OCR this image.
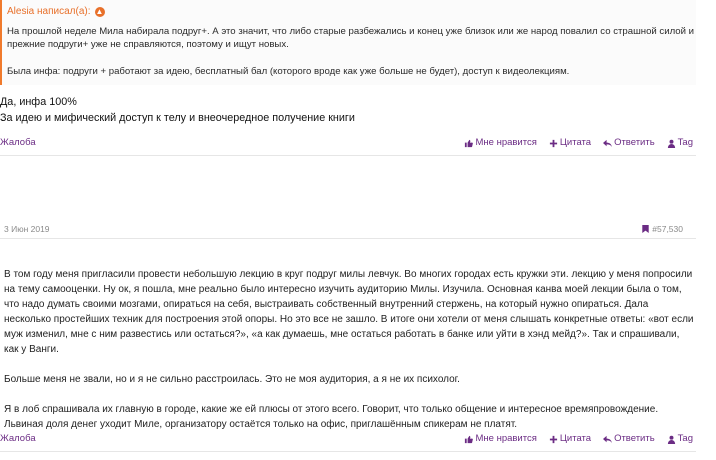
Alesia написал(а): ▲

На прошлой неделе Мила набирала подруг+. А это значит, что либо старые разбежались и конец уже близок или же народ повалил со страшной силой и прежние подруги+ уже не справляются, поэтому и ищут новых.

Была инфа: подруги + работают за идею, бесплатный бал (которого вроде как уже больше не будет), доступ к видеолекциям.

Да, инфа 100%
За идею и мифический доступ к телу и внеочередное получение книги
Жалоба	Мне нравится Цитата Ответить Tag
3 Июн 2019	#57,530

В том году меня пригласили провести небольшую лекцию в круг подруг милы левчук. Во многих городах есть кружки эти. лекцию у меня попросили на тему самооценки. Ну ок, я пошла, мне реально было интересно изучить аудиторию Милы. Изучила. Основная канва моей лекции была о том, что надо думать своими мозгами, опираться на себя, выстраивать собственный внутренний стержень, на который нужно опираться. Дала несколько простейших техник для построения этой опоры. Но это все не зашло. В итоге они хотели от меня слышать конкретные ответы: «вот если муж изменил, мне с ним развестись или остаться?», «а как думаешь, мне остаться работать в банке или уйти в хэнд мейд?». Так и спрашивали, как у Ванги.

Больше меня не звали, но и я не сильно расстроилась. Это не моя аудитория, а я не их психолог.

Я в лоб спрашивала их главную в городе, какие же ей плюсы от этого всего. Говорит, что только общение и интересное времяпровождение. Львиная доля денег уходит Миле, организатору остаётся только на офис, приглашённым спикерам не платят.

Жалоба	Мне нравится Цитата Ответить Tag
